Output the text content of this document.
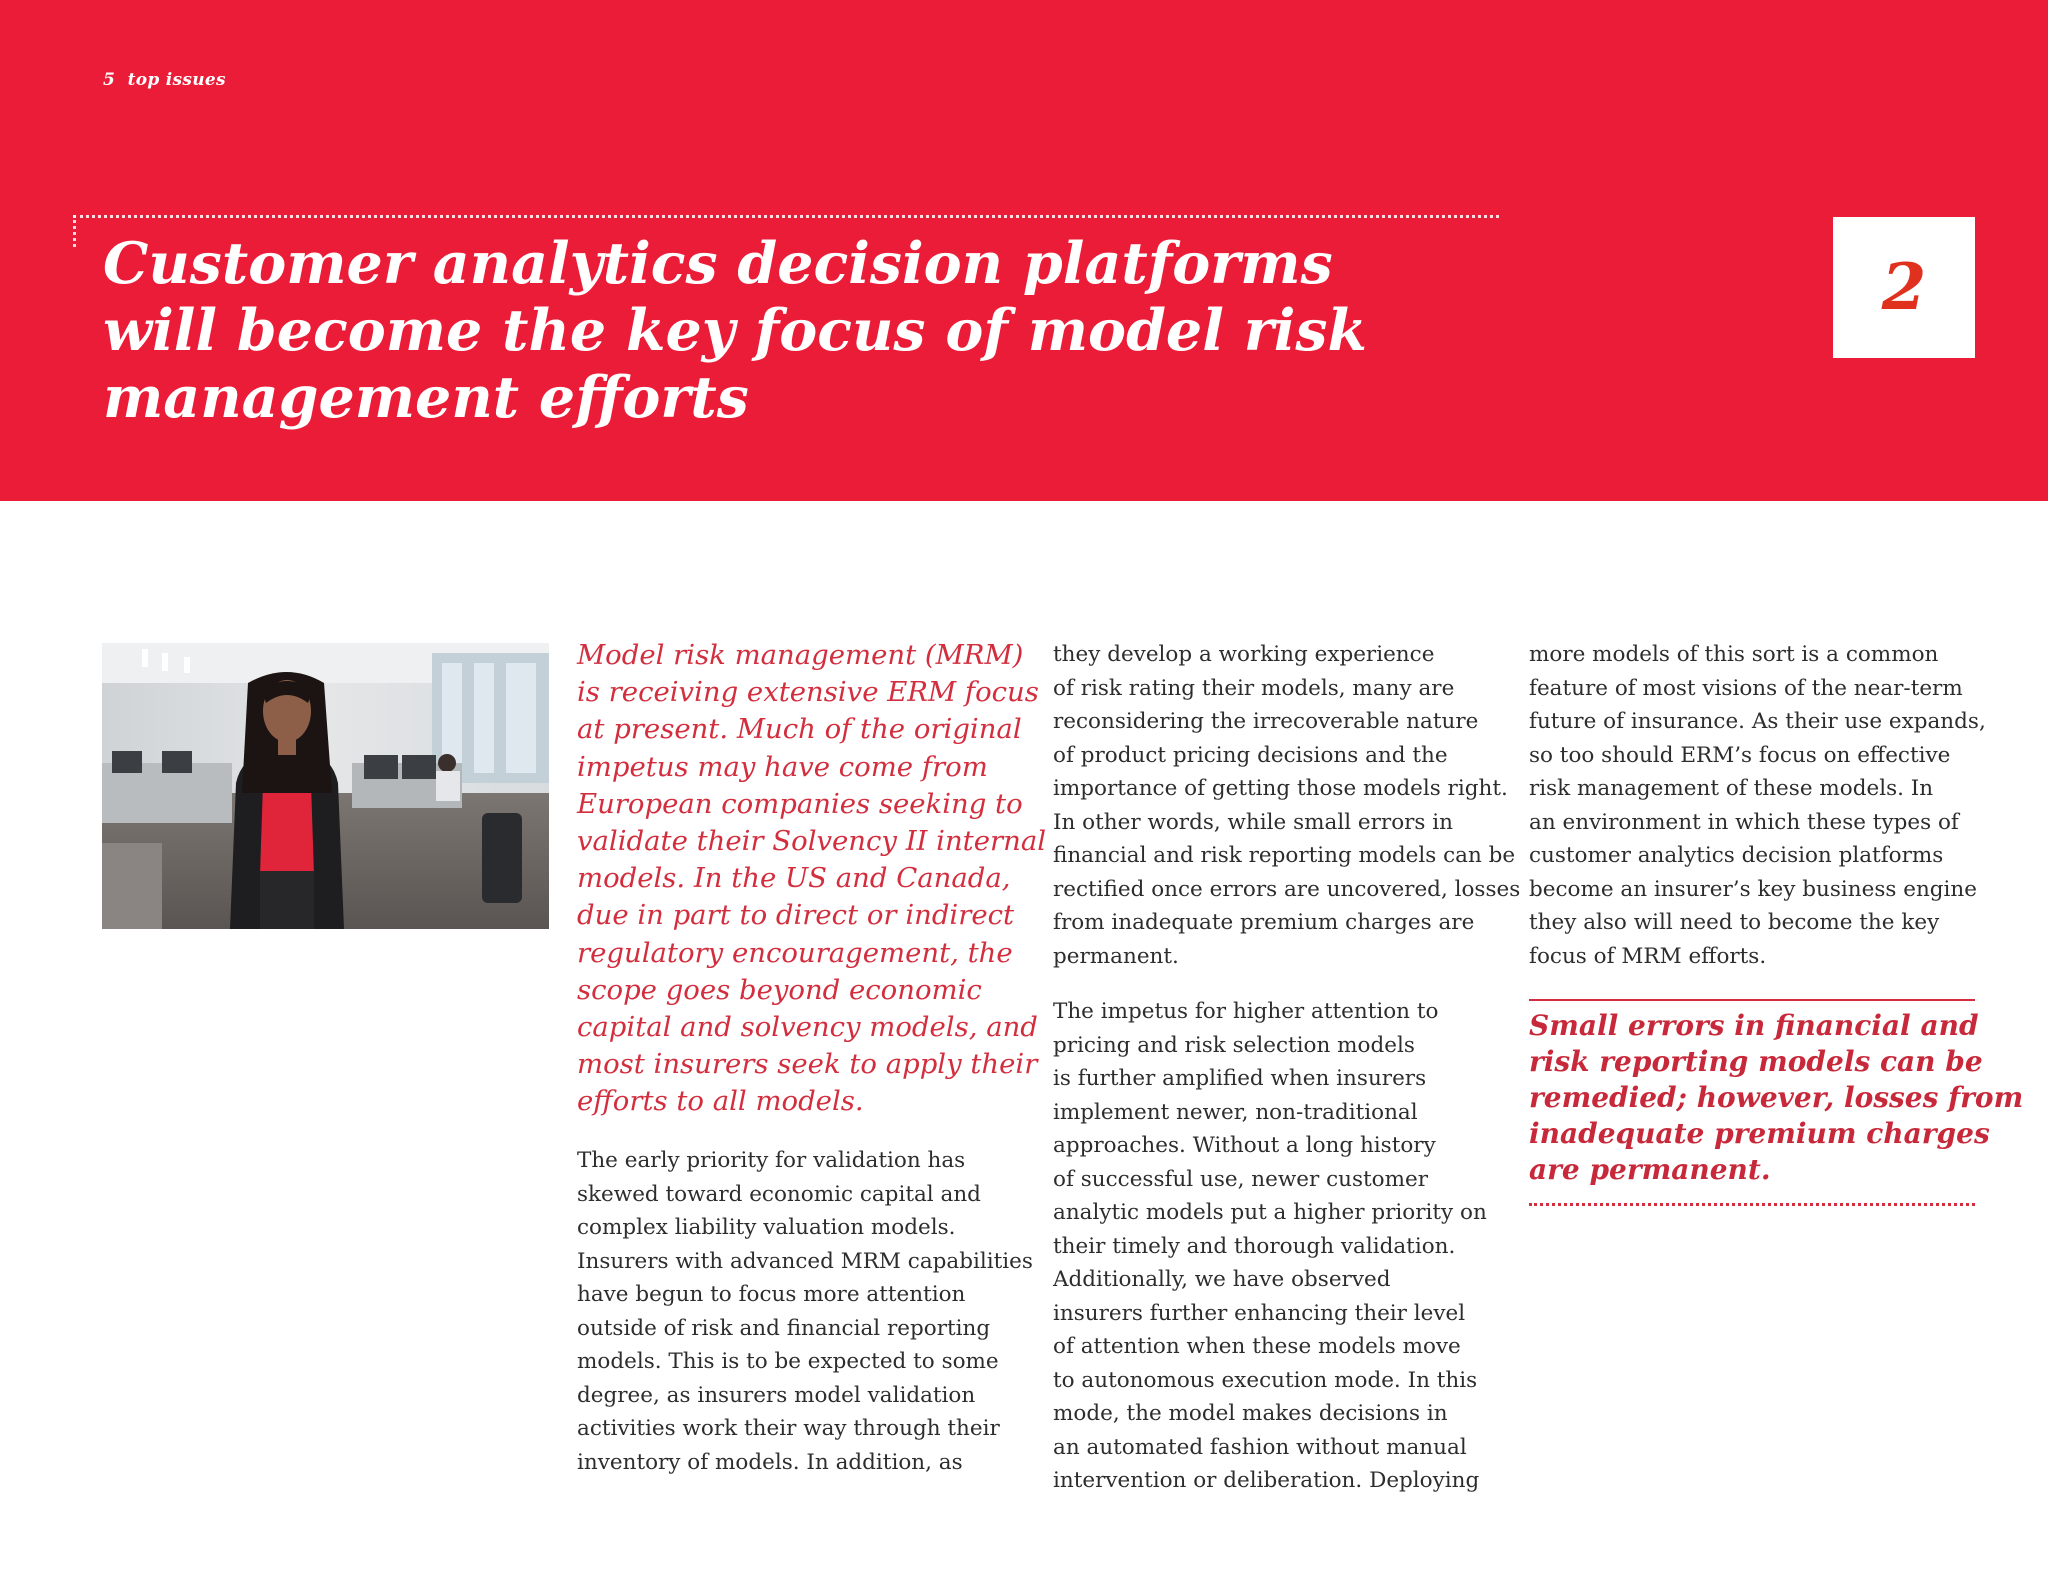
5  top issues
Customer analytics decision platforms
will become the key focus of model risk
management efforts
2
Model risk management (MRM)
is receiving extensive ERM focus
at present. Much of the original
impetus may have come from
European companies seeking to
validate their Solvency II internal
models. In the US and Canada,
due in part to direct or indirect
regulatory encouragement, the
scope goes beyond economic
capital and solvency models, and
most insurers seek to apply their
efforts to all models.
The early priority for validation has
skewed toward economic capital and
complex liability valuation models.
Insurers with advanced MRM capabilities
have begun to focus more attention
outside of risk and financial reporting
models. This is to be expected to some
degree, as insurers model validation
activities work their way through their
inventory of models. In addition, as
they develop a working experience
of risk rating their models, many are
reconsidering the irrecoverable nature
of product pricing decisions and the
importance of getting those models right.
In other words, while small errors in
financial and risk reporting models can be
rectified once errors are uncovered, losses
from inadequate premium charges are
permanent.
The impetus for higher attention to
pricing and risk selection models
is further amplified when insurers
implement newer, non-traditional
approaches. Without a long history
of successful use, newer customer
analytic models put a higher priority on
their timely and thorough validation.
Additionally, we have observed
insurers further enhancing their level
of attention when these models move
to autonomous execution mode. In this
mode, the model makes decisions in
an automated fashion without manual
intervention or deliberation. Deploying
more models of this sort is a common
feature of most visions of the near-term
future of insurance. As their use expands,
so too should ERM’s focus on effective
risk management of these models. In
an environment in which these types of
customer analytics decision platforms
become an insurer’s key business engine
they also will need to become the key
focus of MRM efforts.
Small errors in financial and
risk reporting models can be
remedied; however, losses from
inadequate premium charges
are permanent.
